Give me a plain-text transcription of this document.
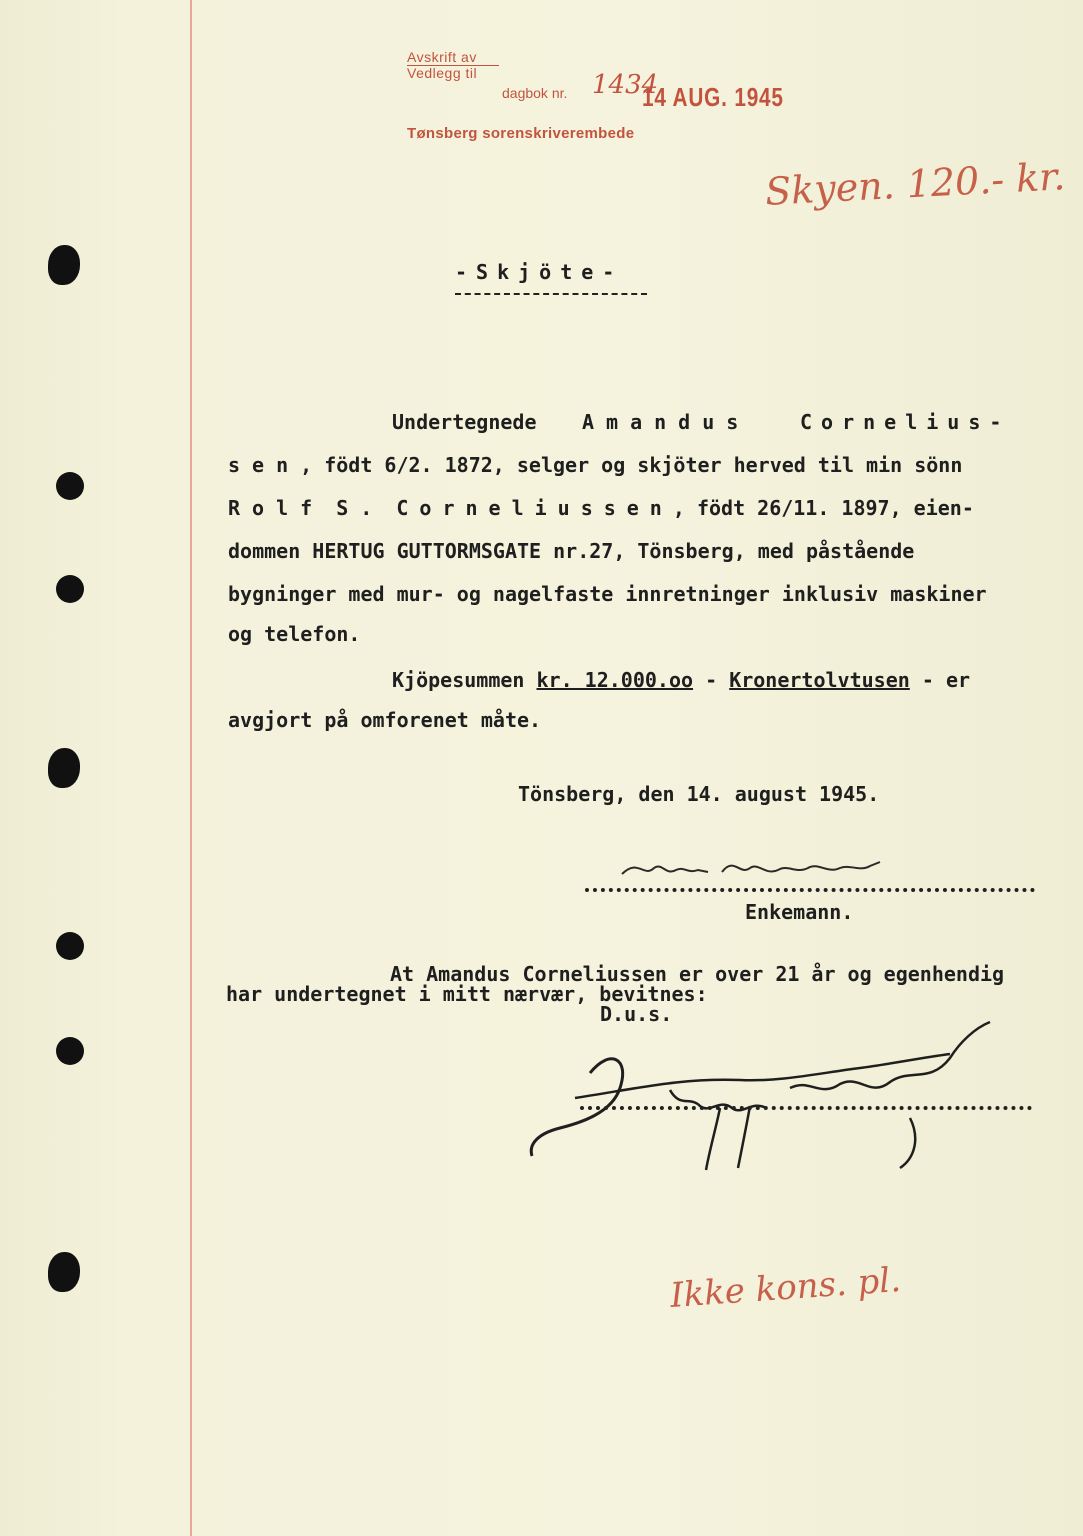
Avskrift av
Vedlegg til
dagbok nr. 1434
14 AUG. 1945
Tønsberg sorenskriverembede
Skyen. 120.- kr.
-Skjöte-
Undertegnede Amandus Cornelius-
sen, födt 6/2. 1872, selger og skjöter herved til min sönn
Rolf S. Corneliussen, födt 26/11. 1897, eien-
dommen HERTUG GUTTORMSGATE nr.27, Tönsberg, med påstående
bygninger med mur- og nagelfaste innretninger inklusiv maskiner
og telefon.
Kjöpesummen kr. 12.000.oo - Kronertolvtusen - er
avgjort på omforenet måte.
Tönsberg, den 14. august 1945.
Enkemann.
At Amandus Corneliussen er over 21 år og egenhendig
har undertegnet i mitt nærvær, bevitnes:
D.u.s.
Ikke kons. pl.
